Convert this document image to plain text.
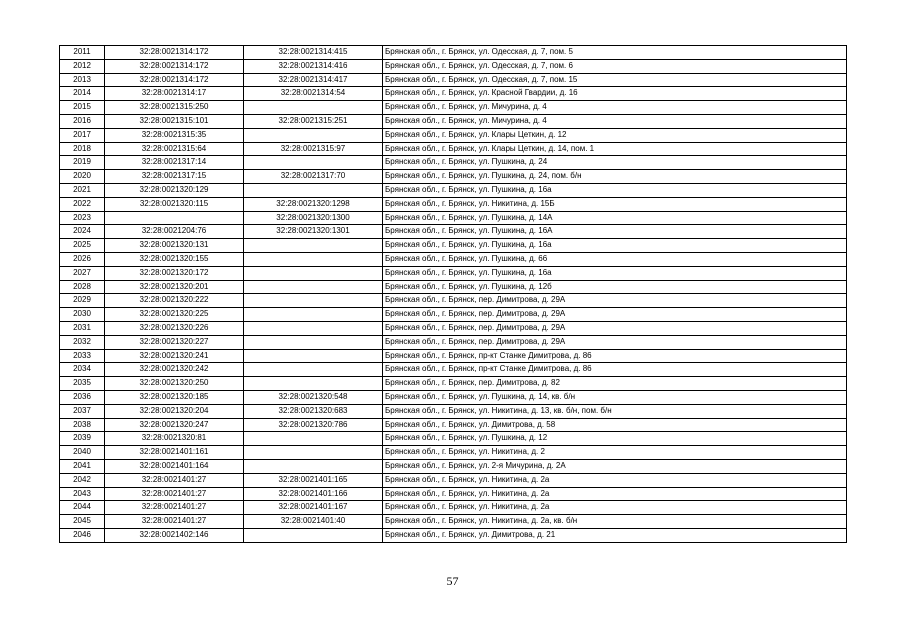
2011	32:28:0021314:172	32:28:0021314:415	Брянская обл., г. Брянск, ул. Одесская, д. 7, пом. 5
2012	32:28:0021314:172	32:28:0021314:416	Брянская обл., г. Брянск, ул. Одесская, д. 7, пом. 6
2013	32:28:0021314:172	32:28:0021314:417	Брянская обл., г. Брянск, ул. Одесская, д. 7, пом. 15
2014	32:28:0021314:17	32:28:0021314:54	Брянская обл., г. Брянск, ул. Красной Гвардии, д. 16
2015	32:28:0021315:250		Брянская обл., г. Брянск, ул. Мичурина, д. 4
2016	32:28:0021315:101	32:28:0021315:251	Брянская обл., г. Брянск, ул. Мичурина, д. 4
2017	32:28:0021315:35		Брянская обл., г. Брянск, ул. Клары Цеткин, д. 12
2018	32:28:0021315:64	32:28:0021315:97	Брянская обл., г. Брянск, ул. Клары Цеткин, д. 14, пом. 1
2019	32:28:0021317:14		Брянская обл., г. Брянск, ул. Пушкина, д. 24
2020	32:28:0021317:15	32:28:0021317:70	Брянская обл., г. Брянск, ул. Пушкина, д. 24, пом. б/н
2021	32:28:0021320:129		Брянская обл., г. Брянск, ул. Пушкина, д. 16а
2022	32:28:0021320:115	32:28:0021320:1298	Брянская обл., г. Брянск, ул. Никитина, д. 15Б
2023		32:28:0021320:1300	Брянская обл., г. Брянск, ул. Пушкина, д. 14А
2024	32:28:0021204:76	32:28:0021320:1301	Брянская обл., г. Брянск, ул. Пушкина, д. 16А
2025	32:28:0021320:131		Брянская обл., г. Брянск, ул. Пушкина, д. 16а
2026	32:28:0021320:155		Брянская обл., г. Брянск, ул. Пушкина, д. 66
2027	32:28:0021320:172		Брянская обл., г. Брянск, ул. Пушкина, д. 16а
2028	32:28:0021320:201		Брянская обл., г. Брянск, ул. Пушкина, д. 12б
2029	32:28:0021320:222		Брянская обл., г. Брянск, пер. Димитрова, д. 29А
2030	32:28:0021320:225		Брянская обл., г. Брянск, пер. Димитрова, д. 29А
2031	32:28:0021320:226		Брянская обл., г. Брянск, пер. Димитрова, д. 29А
2032	32:28:0021320:227		Брянская обл., г. Брянск, пер. Димитрова, д. 29А
2033	32:28:0021320:241		Брянская обл., г. Брянск, пр-кт Станке Димитрова, д. 86
2034	32:28:0021320:242		Брянская обл., г. Брянск, пр-кт Станке Димитрова, д. 86
2035	32:28:0021320:250		Брянская обл., г. Брянск, пер. Димитрова, д. 82
2036	32:28:0021320:185	32:28:0021320:548	Брянская обл., г. Брянск, ул. Пушкина, д. 14, кв. б/н
2037	32:28:0021320:204	32:28:0021320:683	Брянская обл., г. Брянск, ул. Никитина, д. 13, кв. б/н, пом. б/н
2038	32:28:0021320:247	32:28:0021320:786	Брянская обл., г. Брянск, ул. Димитрова, д. 58
2039	32:28:0021320:81		Брянская обл., г. Брянск, ул. Пушкина, д. 12
2040	32:28:0021401:161		Брянская обл., г. Брянск, ул. Никитина, д. 2
2041	32:28:0021401:164		Брянская обл., г. Брянск, ул. 2-я Мичурина, д. 2А
2042	32:28:0021401:27	32:28:0021401:165	Брянская обл., г. Брянск, ул. Никитина, д. 2а
2043	32:28:0021401:27	32:28:0021401:166	Брянская обл., г. Брянск, ул. Никитина, д. 2а
2044	32:28:0021401:27	32:28:0021401:167	Брянская обл., г. Брянск, ул. Никитина, д. 2а
2045	32:28:0021401:27	32:28:0021401:40	Брянская обл., г. Брянск, ул. Никитина, д. 2а, кв. б/н
2046	32:28:0021402:146		Брянская обл., г. Брянск, ул. Димитрова, д. 21
57
